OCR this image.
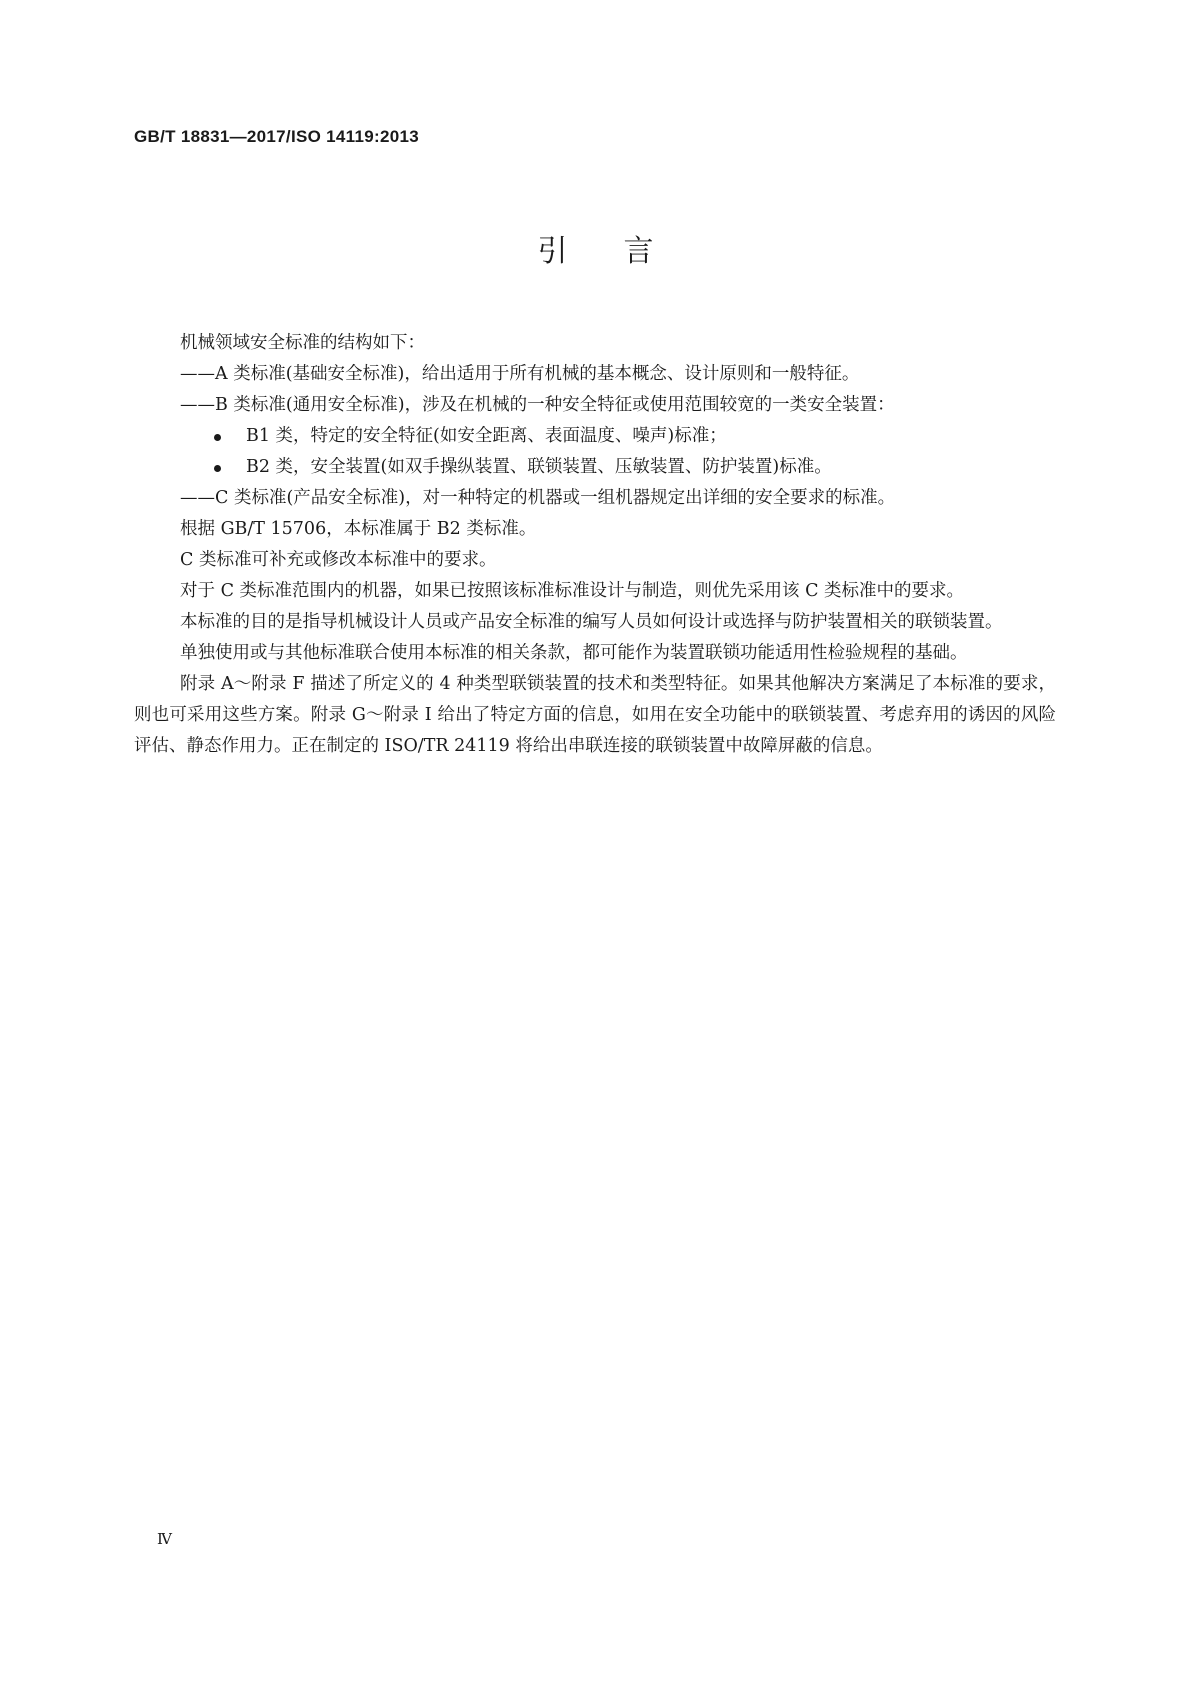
GB/T 18831—2017/ISO 14119:2013
引言

机械领域安全标准的结构如下：

——A 类标准(基础安全标准)，给出适用于所有机械的基本概念、设计原则和一般特征。

——B 类标准(通用安全标准)，涉及在机械的一种安全特征或使用范围较宽的一类安全装置：

B1 类，特定的安全特征(如安全距离、表面温度、噪声)标准；

B2 类，安全装置(如双手操纵装置、联锁装置、压敏装置、防护装置)标准。

——C 类标准(产品安全标准)，对一种特定的机器或一组机器规定出详细的安全要求的标准。

根据 GB/T 15706，本标准属于 B2 类标准。

C 类标准可补充或修改本标准中的要求。

对于 C 类标准范围内的机器，如果已按照该标准标准设计与制造，则优先采用该 C 类标准中的要求。

本标准的目的是指导机械设计人员或产品安全标准的编写人员如何设计或选择与防护装置相关的联锁装置。

单独使用或与其他标准联合使用本标准的相关条款，都可能作为装置联锁功能适用性检验规程的基础。

附录 A～附录 F 描述了所定义的 4 种类型联锁装置的技术和类型特征。如果其他解决方案满足了本标准的要求，则也可采用这些方案。附录 G～附录 I 给出了特定方面的信息，如用在安全功能中的联锁装置、考虑弃用的诱因的风险评估、静态作用力。正在制定的 ISO/TR 24119 将给出串联连接的联锁装置中故障屏蔽的信息。

Ⅳ
